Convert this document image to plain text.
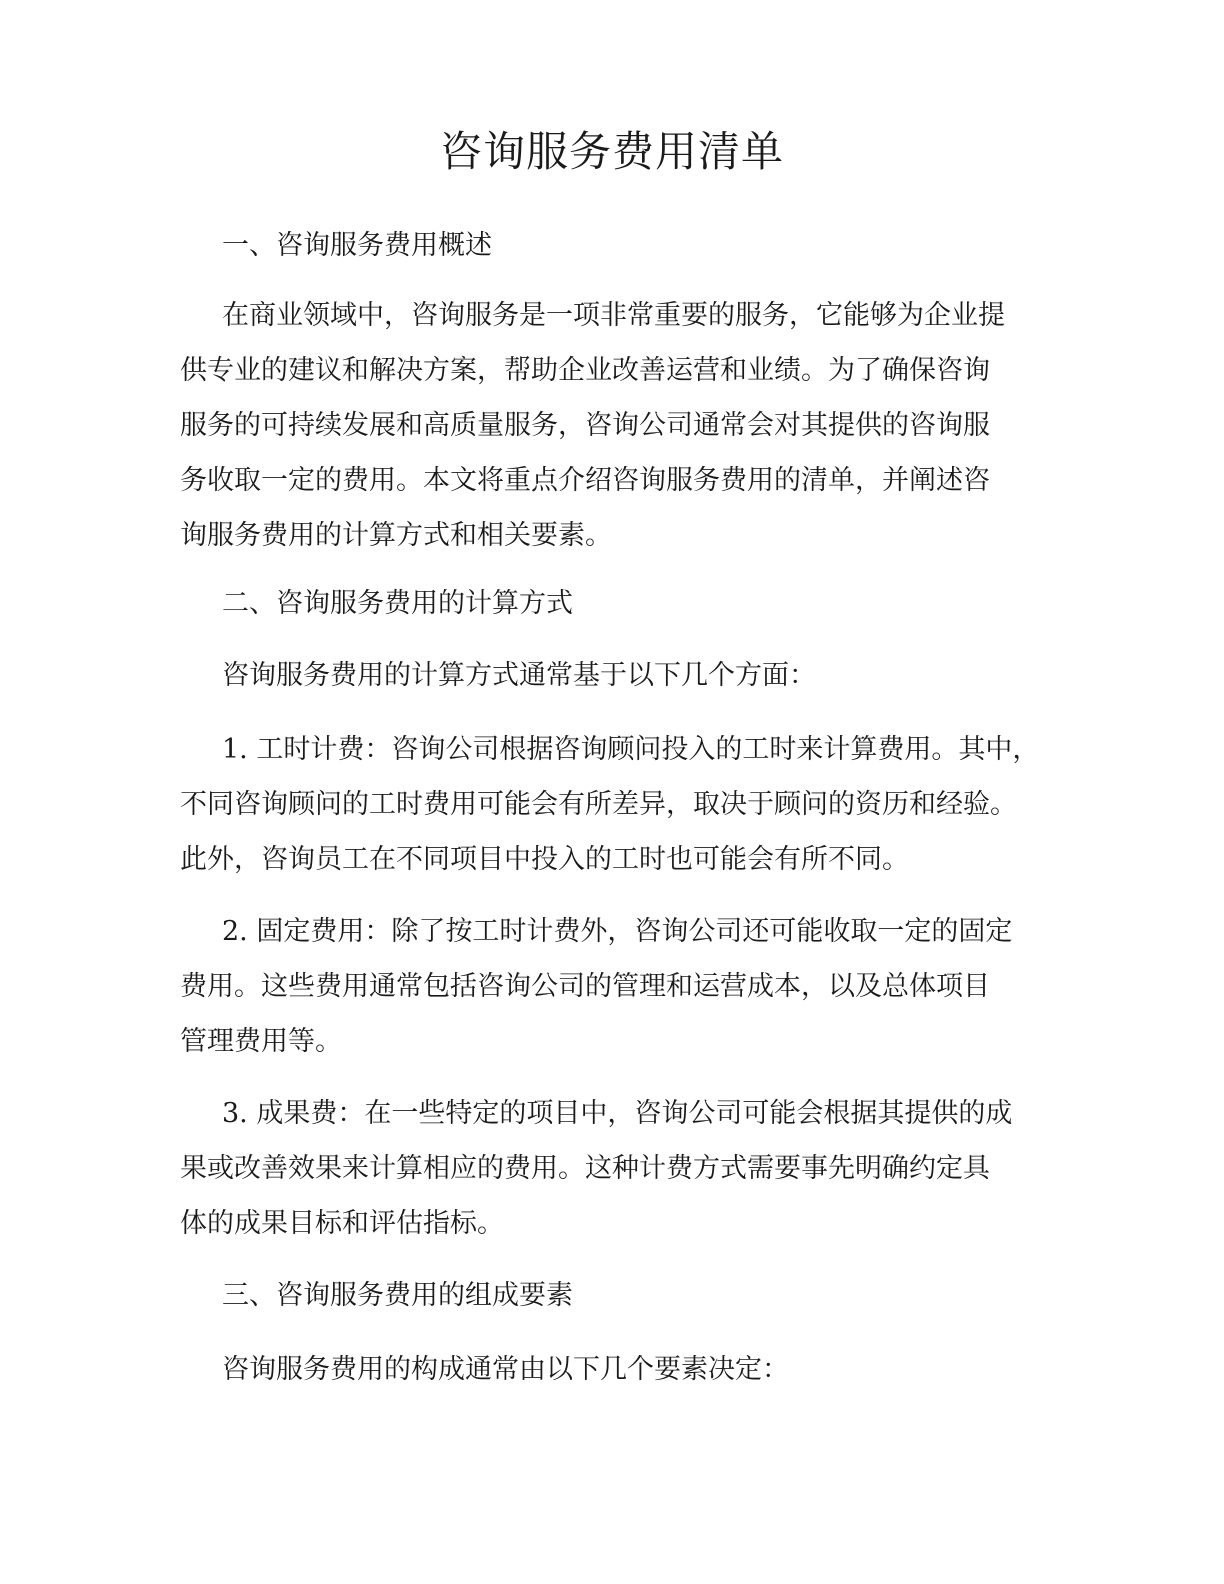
咨询服务费用清单

一、咨询服务费用概述

在商业领域中，咨询服务是一项非常重要的服务，它能够为企业提
供专业的建议和解决方案，帮助企业改善运营和业绩。为了确保咨询
服务的可持续发展和高质量服务，咨询公司通常会对其提供的咨询服
务收取一定的费用。本文将重点介绍咨询服务费用的清单，并阐述咨
询服务费用的计算方式和相关要素。

二、咨询服务费用的计算方式

咨询服务费用的计算方式通常基于以下几个方面：

1. 工时计费：咨询公司根据咨询顾问投入的工时来计算费用。其中，
不同咨询顾问的工时费用可能会有所差异，取决于顾问的资历和经验。
此外，咨询员工在不同项目中投入的工时也可能会有所不同。
2. 固定费用：除了按工时计费外，咨询公司还可能收取一定的固定
费用。这些费用通常包括咨询公司的管理和运营成本，以及总体项目
管理费用等。
3. 成果费：在一些特定的项目中，咨询公司可能会根据其提供的成
果或改善效果来计算相应的费用。这种计费方式需要事先明确约定具
体的成果目标和评估指标。

三、咨询服务费用的组成要素

咨询服务费用的构成通常由以下几个要素决定：
